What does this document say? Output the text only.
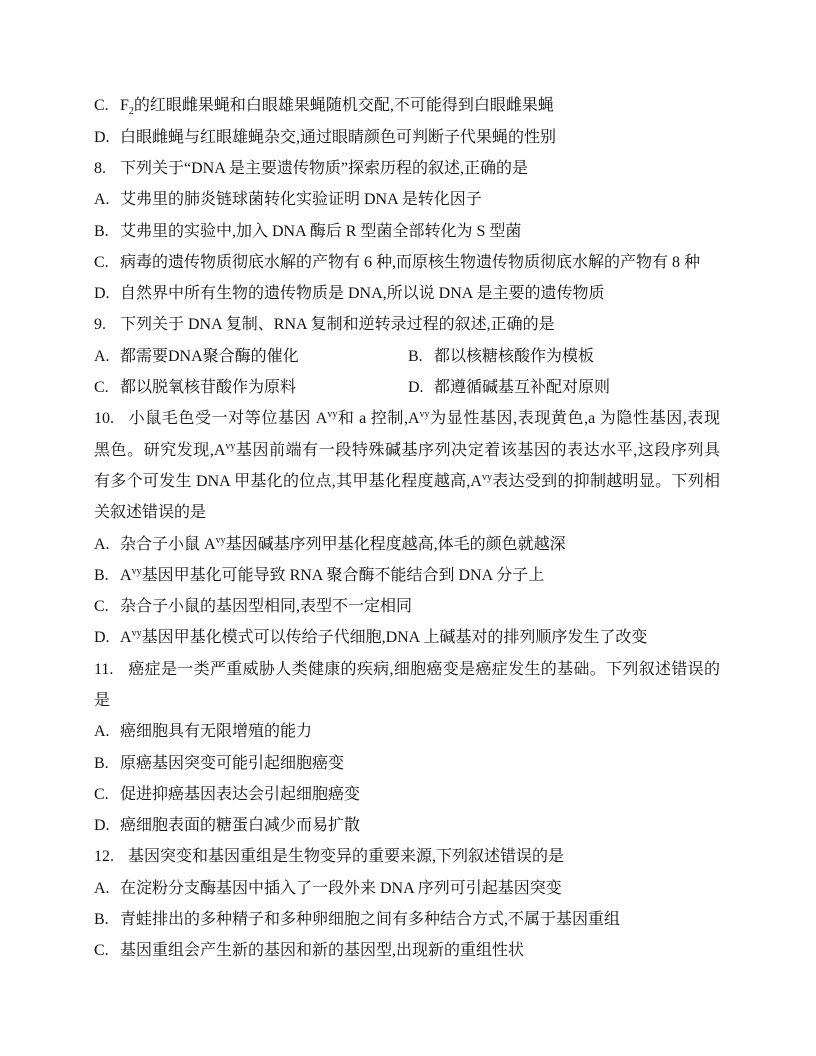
C. $F_2$的红眼雌果蝇和白眼雄果蝇随机交配,不可能得到白眼雌果蝇
D. 白眼雌蝇与红眼雄蝇杂交,通过眼睛颜色可判断子代果蝇的性别
8. 下列关于“DNA 是主要遗传物质”探索历程的叙述,正确的是
A. 艾弗里的肺炎链球菌转化实验证明 DNA 是转化因子
B. 艾弗里的实验中,加入 DNA 酶后 R 型菌全部转化为 S 型菌
C. 病毒的遗传物质彻底水解的产物有 6 种,而原核生物遗传物质彻底水解的产物有 8 种
D. 自然界中所有生物的遗传物质是 DNA,所以说 DNA 是主要的遗传物质
9. 下列关于 DNA 复制、RNA 复制和逆转录过程的叙述,正确的是
A. 都需要DNA聚合酶的催化	B. 都以核糖核酸作为模板
C. 都以脱氧核苷酸作为原料	D. 都遵循碱基互补配对原则
10. 小鼠毛色受一对等位基因 $A^{vy}$和 a 控制$,A^{vy}$为显性基因,表现黄色,a 为隐性基因,表现
黑色。研究发现$,A^{vy}$基因前端有一段特殊碱基序列决定着该基因的表达水平,这段序列具
有多个可发生 DNA 甲基化的位点,其甲基化程度越高$,A^{vy}$表达受到的抑制越明显。下列相
关叙述错误的是
A. 杂合子小鼠 $A^{vy}$基因碱基序列甲基化程度越高,体毛的颜色就越深
B. $A^{vy}$基因甲基化可能导致 RNA 聚合酶不能结合到 DNA 分子上
C. 杂合子小鼠的基因型相同,表型不一定相同
D. $A^{vy}$基因甲基化模式可以传给子代细胞,DNA 上碱基对的排列顺序发生了改变
11. 癌症是一类严重威胁人类健康的疾病,细胞癌变是癌症发生的基础。下列叙述错误的
是
A. 癌细胞具有无限增殖的能力
B. 原癌基因突变可能引起细胞癌变
C. 促进抑癌基因表达会引起细胞癌变
D. 癌细胞表面的糖蛋白减少而易扩散
12. 基因突变和基因重组是生物变异的重要来源,下列叙述错误的是
A. 在淀粉分支酶基因中插入了一段外来 DNA 序列可引起基因突变
B. 青蛙排出的多种精子和多种卵细胞之间有多种结合方式,不属于基因重组
C. 基因重组会产生新的基因和新的基因型,出现新的重组性状
